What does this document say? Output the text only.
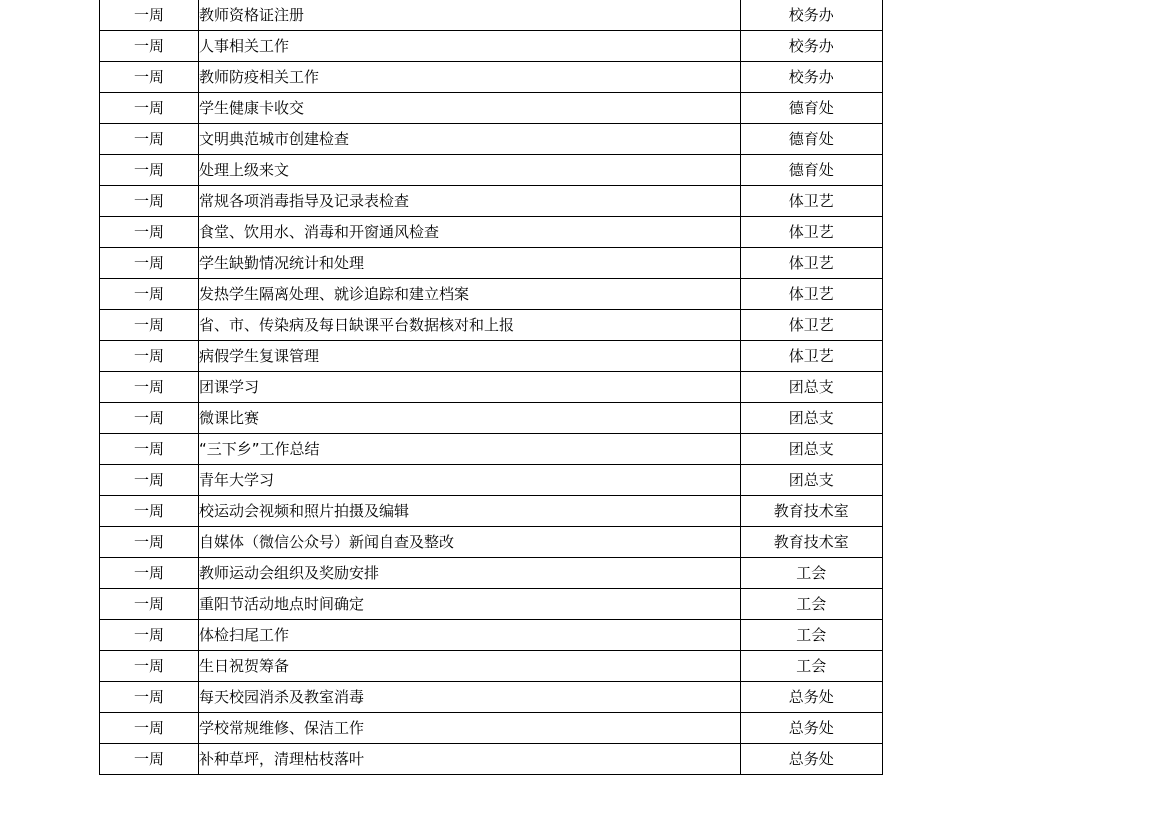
一周	教师资格证注册	校务办
一周	人事相关工作	校务办
一周	教师防疫相关工作	校务办
一周	学生健康卡收交	德育处
一周	文明典范城市创建检查	德育处
一周	处理上级来文	德育处
一周	常规各项消毒指导及记录表检查	体卫艺
一周	食堂、饮用水、消毒和开窗通风检查	体卫艺
一周	学生缺勤情况统计和处理	体卫艺
一周	发热学生隔离处理、就诊追踪和建立档案	体卫艺
一周	省、市、传染病及每日缺课平台数据核对和上报	体卫艺
一周	病假学生复课管理	体卫艺
一周	团课学习	团总支
一周	微课比赛	团总支
一周	“三下乡”工作总结	团总支
一周	青年大学习	团总支
一周	校运动会视频和照片拍摄及编辑	教育技术室
一周	自媒体（微信公众号）新闻自查及整改	教育技术室
一周	教师运动会组织及奖励安排	工会
一周	重阳节活动地点时间确定	工会
一周	体检扫尾工作	工会
一周	生日祝贺筹备	工会
一周	每天校园消杀及教室消毒	总务处
一周	学校常规维修、保洁工作	总务处
一周	补种草坪，清理枯枝落叶	总务处
